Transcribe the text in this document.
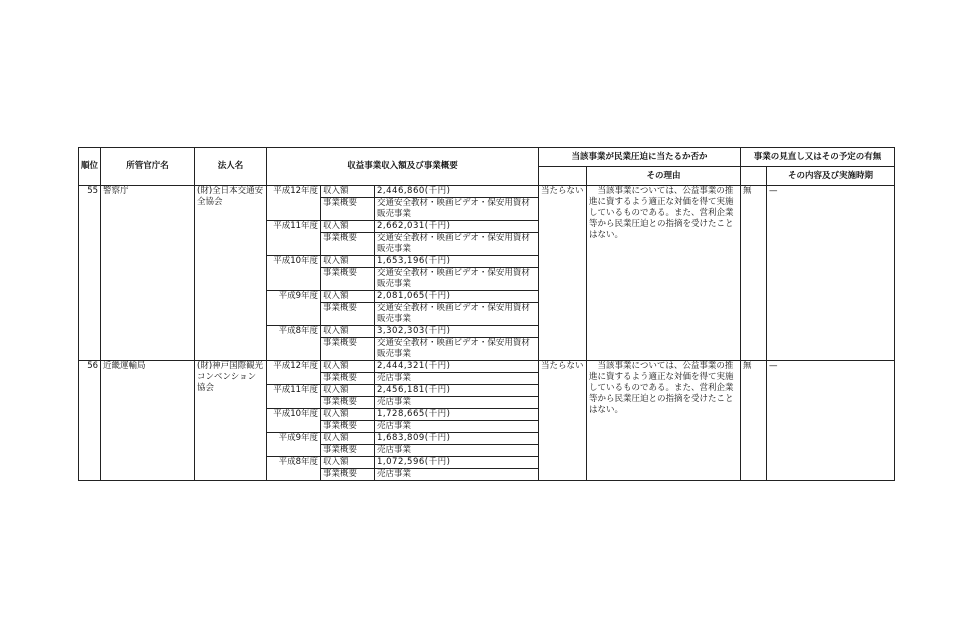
順位	所管官庁名	法人名	収益事業収入額及び事業概要			当該事業が民業圧迫に当たるか否か		事業の見直し又はその予定の有無	
							その理由		その内容及び実施時期
55	警察庁	(財)全日本交通安全協会	平成12年度	収入額	2,446,860(千円)	当たらない	当該事業については、公益事業の推進に資するよう適正な対価を得て実施しているものである。また、営利企業等から民業圧迫との指摘を受けたことはない。	無	—
				事業概要	交通安全教材・映画ビデオ・保安用資材販売事業				
			平成11年度	収入額	2,662,031(千円)				
				事業概要	交通安全教材・映画ビデオ・保安用資材販売事業				
			平成10年度	収入額	1,653,196(千円)				
				事業概要	交通安全教材・映画ビデオ・保安用資材販売事業				
			平成9年度	収入額	2,081,065(千円)				
				事業概要	交通安全教材・映画ビデオ・保安用資材販売事業				
			平成8年度	収入額	3,302,303(千円)				
				事業概要	交通安全教材・映画ビデオ・保安用資材販売事業				
56	近畿運輸局	(財)神戸国際観光コンベンション協会	平成12年度	収入額	2,444,321(千円)	当たらない	当該事業については、公益事業の推進に資するよう適正な対価を得て実施しているものである。また、営利企業等から民業圧迫との指摘を受けたことはない。	無	—
				事業概要	売店事業				
			平成11年度	収入額	2,456,181(千円)				
				事業概要	売店事業				
			平成10年度	収入額	1,728,665(千円)				
				事業概要	売店事業				
			平成9年度	収入額	1,683,809(千円)				
				事業概要	売店事業				
			平成8年度	収入額	1,072,596(千円)				
				事業概要	売店事業				
